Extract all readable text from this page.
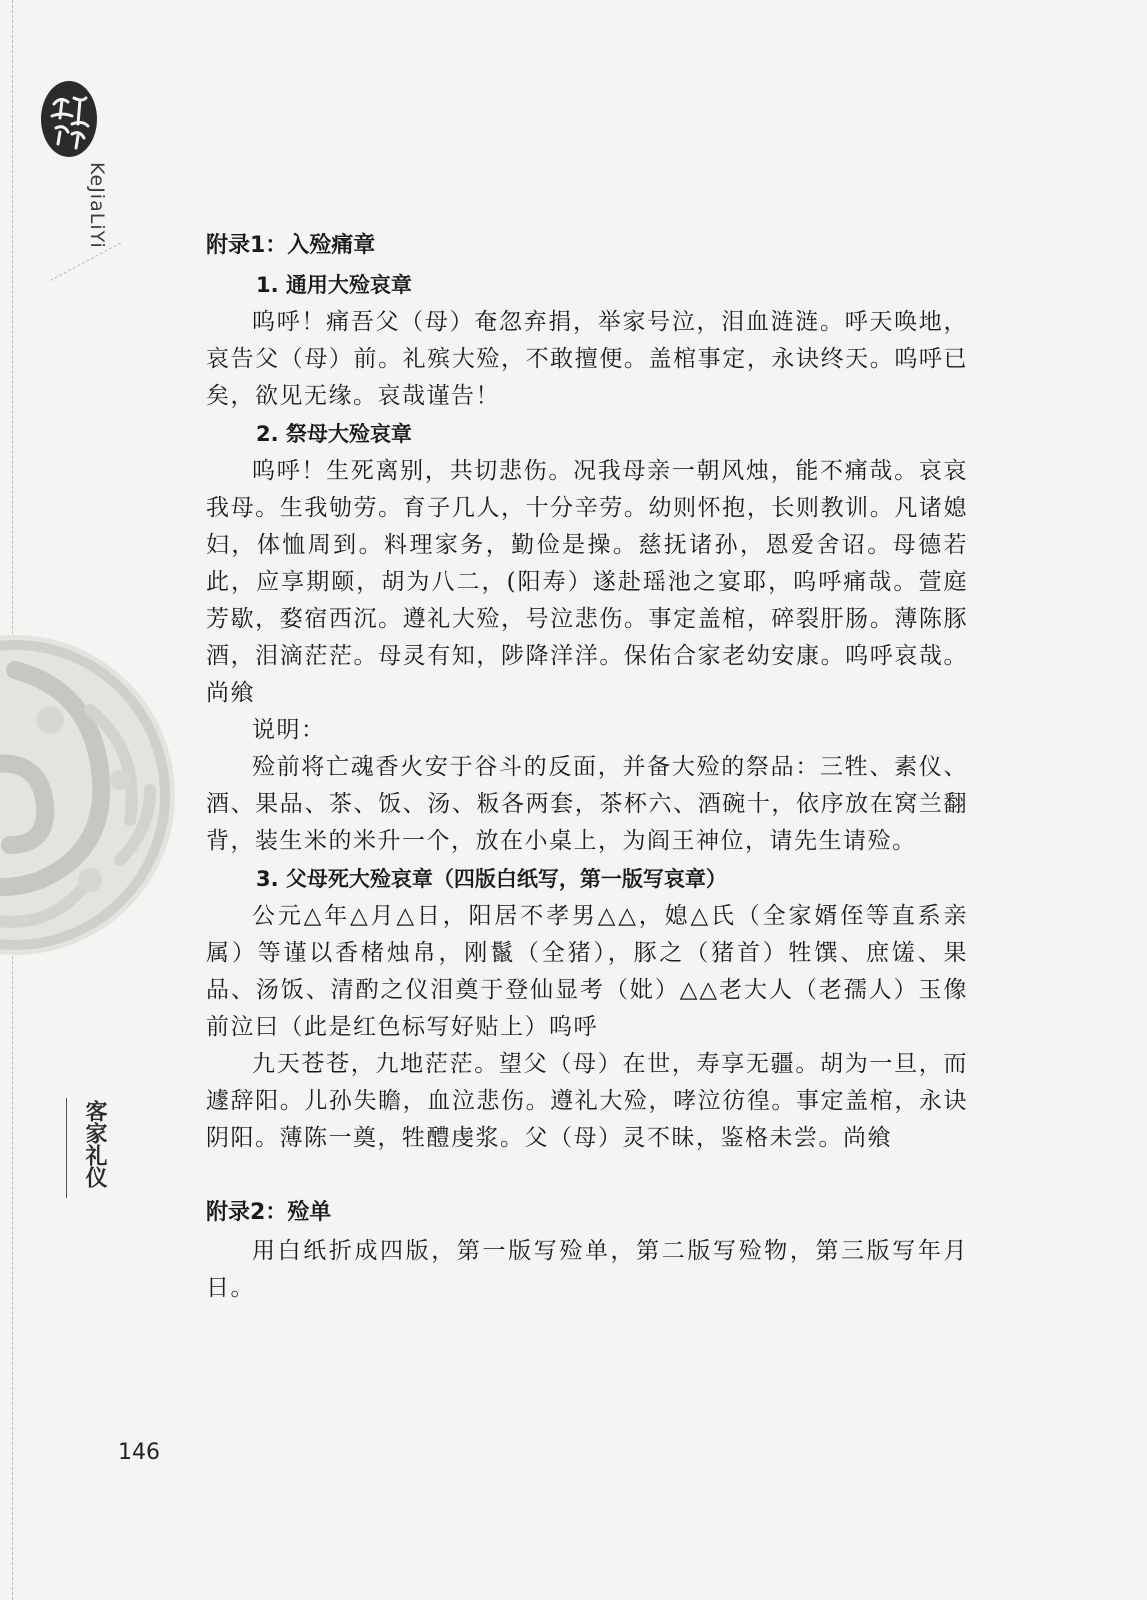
KeJiaLiYi
客家礼仪
附录1：入殓痛章
1. 通用大殓哀章

呜呼！痛吾父（母）奄忽弃捐，举家号泣，泪血涟涟。呼天唤地，哀告父（母）前。礼殡大殓，不敢擅便。盖棺事定，永诀终天。呜呼已矣，欲见无缘。哀哉谨告！

2. 祭母大殓哀章

呜呼！生死离别，共切悲伤。况我母亲一朝风烛，能不痛哉。哀哀我母。生我劬劳。育子几人，十分辛劳。幼则怀抱，长则教训。凡诸媳妇，体恤周到。料理家务，勤俭是操。慈抚诸孙，恩爱舍诏。母德若此，应享期颐，胡为八二，(阳寿）遂赴瑶池之宴耶，呜呼痛哉。萱庭芳歇，婺宿西沉。遵礼大殓，号泣悲伤。事定盖棺，碎裂肝肠。薄陈豚酒，泪滴茫茫。母灵有知，陟降洋洋。保佑合家老幼安康。呜呼哀哉。尚飨

说明：

殓前将亡魂香火安于谷斗的反面，并备大殓的祭品：三牲、素仪、酒、果品、茶、饭、汤、粄各两套，茶杯六、酒碗十，依序放在窝兰翻背，装生米的米升一个，放在小桌上，为阎王神位，请先生请殓。

3. 父母死大殓哀章（四版白纸写，第一版写哀章）

公元△年△月△日，阳居不孝男△△，媳△氏（全家婿侄等直系亲属）等谨以香楮烛帛，刚鬣（全猪），豚之（猪首）牲馔、庶馐、果品、汤饭、清酌之仪泪奠于登仙显考（妣）△△老大人（老孺人）玉像前泣曰（此是红色标写好贴上）呜呼

九天苍苍，九地茫茫。望父（母）在世，寿享无疆。胡为一旦，而遽辞阳。儿孙失瞻，血泣悲伤。遵礼大殓，哮泣彷徨。事定盖棺，永诀阴阳。薄陈一奠，牲醴虔浆。父（母）灵不昧，鉴格未尝。尚飨

附录2：殓单

用白纸折成四版，第一版写殓单，第二版写殓物，第三版写年月日。

146
